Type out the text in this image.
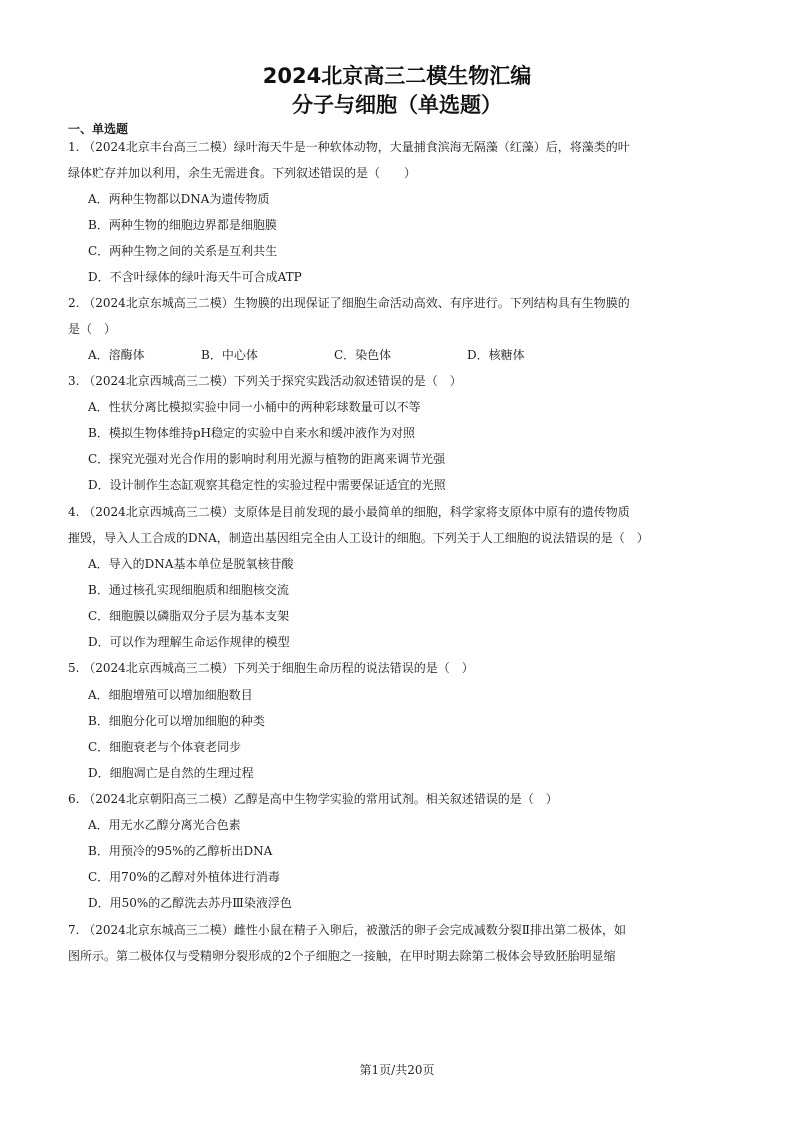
2024北京高三二模生物汇编
分子与细胞（单选题）
一、单选题
1. （2024北京丰台高三二模）绿叶海天牛是一种软体动物，大量捕食滨海无隔藻（红藻）后，将藻类的叶
绿体贮存并加以利用，余生无需进食。下列叙述错误的是（　　）
A．两种生物都以DNA为遗传物质
B．两种生物的细胞边界都是细胞膜
C．两种生物之间的关系是互利共生
D．不含叶绿体的绿叶海天牛可合成ATP
2. （2024北京东城高三二模）生物膜的出现保证了细胞生命活动高效、有序进行。下列结构具有生物膜的
是（　）
A．溶酶体	B．中心体	C．染色体	D．核糖体
3. （2024北京西城高三二模）下列关于探究实践活动叙述错误的是（　）
A．性状分离比模拟实验中同一小桶中的两种彩球数量可以不等
B．模拟生物体维持pH稳定的实验中自来水和缓冲液作为对照
C．探究光强对光合作用的影响时利用光源与植物的距离来调节光强
D．设计制作生态缸观察其稳定性的实验过程中需要保证适宜的光照
4. （2024北京西城高三二模）支原体是目前发现的最小最简单的细胞，科学家将支原体中原有的遗传物质
摧毁，导入人工合成的DNA，制造出基因组完全由人工设计的细胞。下列关于人工细胞的说法错误的是（　）
A．导入的DNA基本单位是脱氧核苷酸
B．通过核孔实现细胞质和细胞核交流
C．细胞膜以磷脂双分子层为基本支架
D．可以作为理解生命运作规律的模型
5. （2024北京西城高三二模）下列关于细胞生命历程的说法错误的是（　）
A．细胞增殖可以增加细胞数目
B．细胞分化可以增加细胞的种类
C．细胞衰老与个体衰老同步
D．细胞凋亡是自然的生理过程
6. （2024北京朝阳高三二模）乙醇是高中生物学实验的常用试剂。相关叙述错误的是（　）
A．用无水乙醇分离光合色素
B．用预冷的95%的乙醇析出DNA
C．用70%的乙醇对外植体进行消毒
D．用50%的乙醇洗去苏丹Ⅲ染液浮色
7. （2024北京东城高三二模）雌性小鼠在精子入卵后，被激活的卵子会完成减数分裂Ⅱ排出第二极体，如
图所示。第二极体仅与受精卵分裂形成的2个子细胞之一接触，在甲时期去除第二极体会导致胚胎明显缩
第1页/共20页
